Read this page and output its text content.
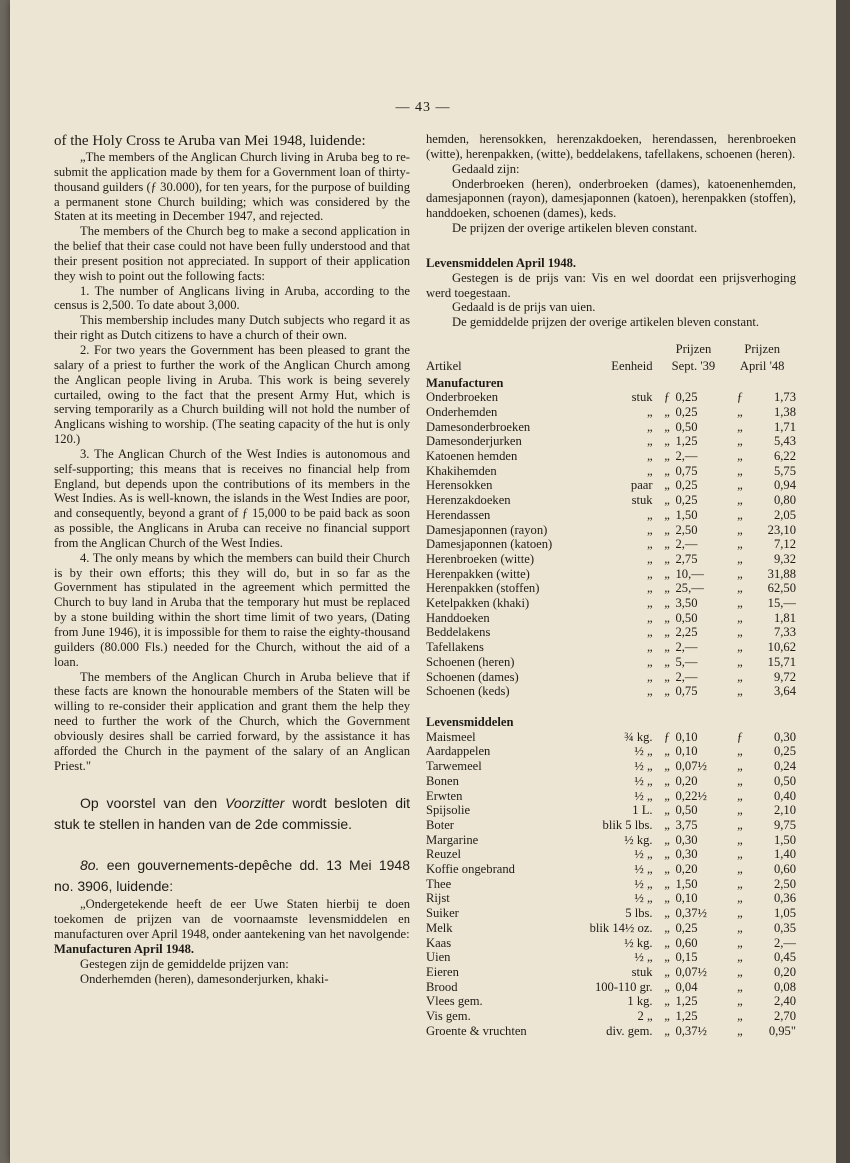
— 43 —

of the Holy Cross te Aruba van Mei 1948, luidende:

„The members of the Anglican Church living in Aruba beg to re-submit the application made by them for a Government loan of thirty-thousand guilders (ƒ 30.000), for ten years, for the purpose of building a permanent stone Church building; which was considered by the Staten at its meeting in December 1947, and rejected.

The members of the Church beg to make a second application in the belief that their case could not have been fully understood and that their present position not appreciated. In support of their application they wish to point out the following facts:

1. The number of Anglicans living in Aruba, according to the census is 2,500. To date about 3,000.

This membership includes many Dutch subjects who regard it as their right as Dutch citizens to have a church of their own.

2. For two years the Government has been pleased to grant the salary of a priest to further the work of the Anglican Church among the Anglican people living in Aruba. This work is being severely curtailed, owing to the fact that the present Army Hut, which is serving temporarily as a Church building will not hold the number of Anglicans wishing to worship. (The seating capacity of the hut is only 120.)

3. The Anglican Church of the West Indies is autonomous and self-supporting; this means that is receives no financial help from England, but depends upon the contributions of its members in the West Indies. As is well-known, the islands in the West Indies are poor, and consequently, beyond a grant of ƒ 15,000 to be paid back as soon as possible, the Anglicans in Aruba can receive no financial support from the Anglican Church of the West Indies.

4. The only means by which the members can build their Church is by their own efforts; this they will do, but in so far as the Government has stipulated in the agreement which permitted the Church to buy land in Aruba that the temporary hut must be replaced by a stone building within the short time limit of two years, (Dating from June 1946), it is impossible for them to raise the eighty-thousand guilders (80.000 Fls.) needed for the Church, without the aid of a loan.

The members of the Anglican Church in Aruba believe that if these facts are known the honourable members of the Staten will be willing to re-consider their application and grant them the help they need to further the work of the Church, which the Government obviously desires shall be carried forward, by the assistance it has afforded the Church in the payment of the salary of an Anglican Priest."

Op voorstel van den Voorzitter wordt besloten dit stuk te stellen in handen van de 2de commissie.

8o. een gouvernements-depêche dd. 13 Mei 1948 no. 3906, luidende:

„Ondergetekende heeft de eer Uwe Staten hierbij te doen toekomen de prijzen van de voornaamste levensmiddelen en manufacturen over April 1948, onder aantekening van het navolgende:

Manufacturen April 1948.

Gestegen zijn de gemiddelde prijzen van:

Onderhemden (heren), damesonderjurken, khaki-

hemden, herensokken, herenzakdoeken, herendassen, herenbroeken (witte), herenpakken, (witte), beddelakens, tafellakens, schoenen (heren).

Gedaald zijn:

Onderbroeken (heren), onderbroeken (dames), katoenenhemden, damesjaponnen (rayon), damesjaponnen (katoen), herenpakken (stoffen), handdoeken, schoenen (dames), keds.

De prijzen der overige artikelen bleven constant.

Levensmiddelen April 1948.

Gestegen is de prijs van: Vis en wel doordat een prijsverhoging werd toegestaan.

Gedaald is de prijs van uien.

De gemiddelde prijzen der overige artikelen bleven constant.

		Prijzen		Prijzen	
Artikel	Eenheid	Sept. '39		April '48	
Manufacturen					
Onderbroeken	stuk	ƒ	0,25	ƒ	1,73
Onderhemden	„	„	0,25	„	1,38
Damesonderbroeken	„	„	0,50	„	1,71
Damesonderjurken	„	„	1,25	„	5,43
Katoenen hemden	„	„	2,—	„	6,22
Khakihemden	„	„	0,75	„	5,75
Herensokken	paar	„	0,25	„	0,94
Herenzakdoeken	stuk	„	0,25	„	0,80
Herendassen	„	„	1,50	„	2,05
Damesjaponnen (rayon)	„	„	2,50	„	23,10
Damesjaponnen (katoen)	„	„	2,—	„	7,12
Herenbroeken (witte)	„	„	2,75	„	9,32
Herenpakken (witte)	„	„	10,—	„	31,88
Herenpakken (stoffen)	„	„	25,—	„	62,50
Ketelpakken (khaki)	„	„	3,50	„	15,—
Handdoeken	„	„	0,50	„	1,81
Beddelakens	„	„	2,25	„	7,33
Tafellakens	„	„	2,—	„	10,62
Schoenen (heren)	„	„	5,—	„	15,71
Schoenen (dames)	„	„	2,—	„	9,72
Schoenen (keds)	„	„	0,75	„	3,64

Levensmiddelen					
Maismeel	¾ kg.	ƒ	0,10	ƒ	0,30
Aardappelen	½ „	„	0,10	„	0,25
Tarwemeel	½ „	„	0,07½	„	0,24
Bonen	½ „	„	0,20	„	0,50
Erwten	½ „	„	0,22½	„	0,40
Spijsolie	1 L.	„	0,50	„	2,10
Boter	blik 5 lbs.	„	3,75	„	9,75
Margarine	½ kg.	„	0,30	„	1,50
Reuzel	½ „	„	0,30	„	1,40
Koffie ongebrand	½ „	„	0,20	„	0,60
Thee	½ „	„	1,50	„	2,50
Rijst	½ „	„	0,10	„	0,36
Suiker	5 lbs.	„	0,37½	„	1,05
Melk	blik 14½ oz.	„	0,25	„	0,35
Kaas	½ kg.	„	0,60	„	2,—
Uien	½ „	„	0,15	„	0,45
Eieren	stuk	„	0,07½	„	0,20
Brood	100-110 gr.	„	0,04	„	0,08
Vlees gem.	1 kg.	„	1,25	„	2,40
Vis gem.	2 „	„	1,25	„	2,70
Groente & vruchten	div. gem.	„	0,37½	„	0,95"
